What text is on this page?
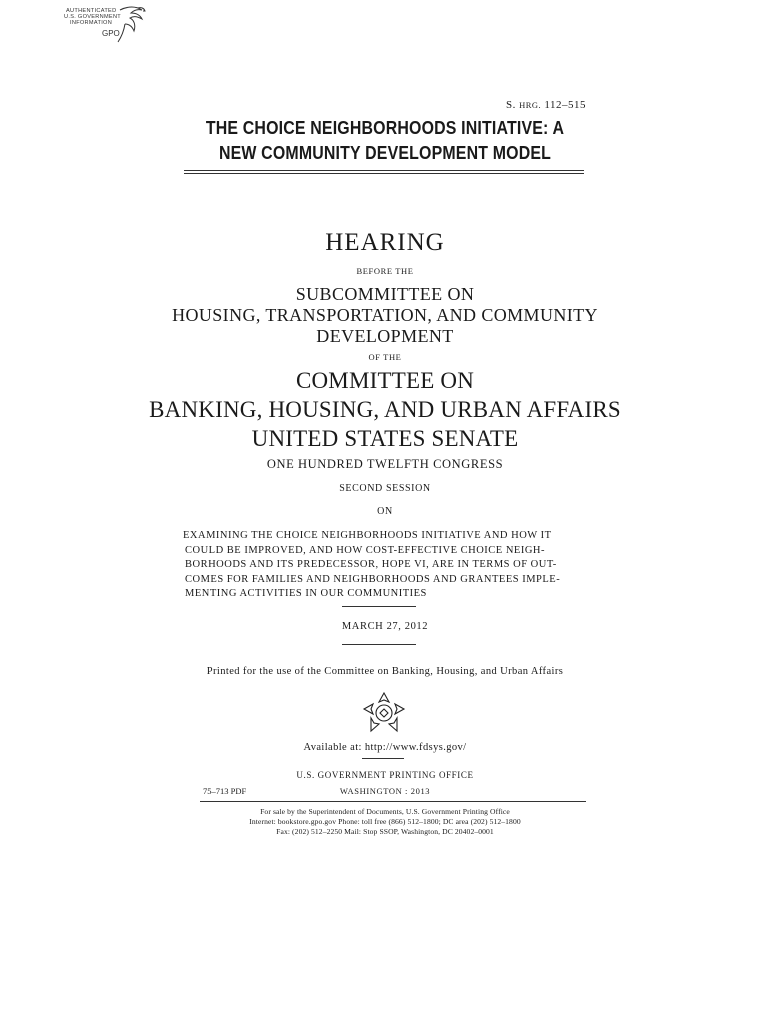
AUTHENTICATED
U.S. GOVERNMENT
INFORMATION
GPO
S. HRG. 112–515
THE CHOICE NEIGHBORHOODS INITIATIVE: A
NEW COMMUNITY DEVELOPMENT MODEL
HEARING
BEFORE THE
SUBCOMMITTEE ON
HOUSING, TRANSPORTATION, AND COMMUNITY
DEVELOPMENT
OF THE
COMMITTEE ON
BANKING, HOUSING, AND URBAN AFFAIRS
UNITED STATES SENATE
ONE HUNDRED TWELFTH CONGRESS
SECOND SESSION
ON
EXAMINING THE CHOICE NEIGHBORHOODS INITIATIVE AND HOW IT
COULD BE IMPROVED, AND HOW COST-EFFECTIVE CHOICE NEIGH-
BORHOODS AND ITS PREDECESSOR, HOPE VI, ARE IN TERMS OF OUT-
COMES FOR FAMILIES AND NEIGHBORHOODS AND GRANTEES IMPLE-
MENTING ACTIVITIES IN OUR COMMUNITIES
MARCH 27, 2012
Printed for the use of the Committee on Banking, Housing, and Urban Affairs
Available at: http://www.fdsys.gov/
U.S. GOVERNMENT PRINTING OFFICE
75–713 PDF	WASHINGTON : 2013
For sale by the Superintendent of Documents, U.S. Government Printing Office
Internet: bookstore.gpo.gov Phone: toll free (866) 512–1800; DC area (202) 512–1800
Fax: (202) 512–2250 Mail: Stop SSOP, Washington, DC 20402–0001
